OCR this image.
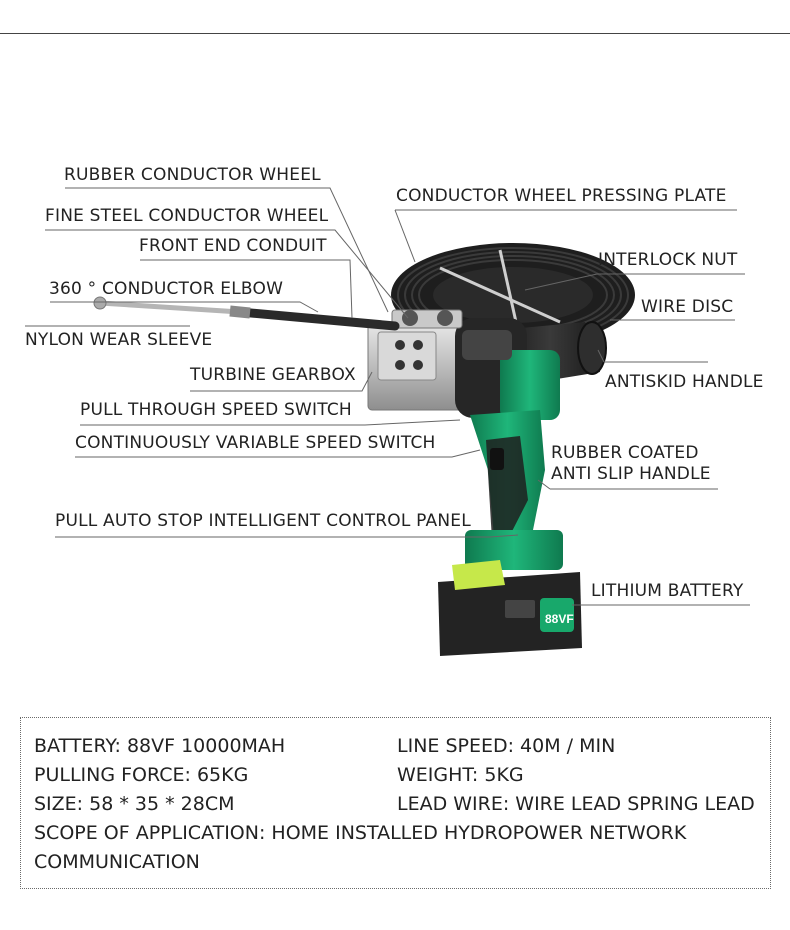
88VF
RUBBER CONDUCTOR WHEEL
CONDUCTOR WHEEL PRESSING PLATE
FINE STEEL CONDUCTOR WHEEL
FRONT END CONDUIT
INTERLOCK NUT
360 ° CONDUCTOR ELBOW
WIRE DISC
NYLON WEAR SLEEVE
ANTISKID HANDLE
TURBINE GEARBOX
PULL THROUGH SPEED SWITCH
CONTINUOUSLY VARIABLE SPEED SWITCH	RUBBER COATED
ANTI SLIP HANDLE
PULL AUTO STOP INTELLIGENT CONTROL PANEL
LITHIUM BATTERY
BATTERY: 88VF 10000MAH	LINE SPEED: 40M / MIN
PULLING FORCE: 65KG	WEIGHT: 5KG
SIZE: 58 * 35 * 28CM	LEAD WIRE: WIRE LEAD SPRING LEAD
SCOPE OF APPLICATION: HOME INSTALLED HYDROPOWER NETWORK
COMMUNICATION
